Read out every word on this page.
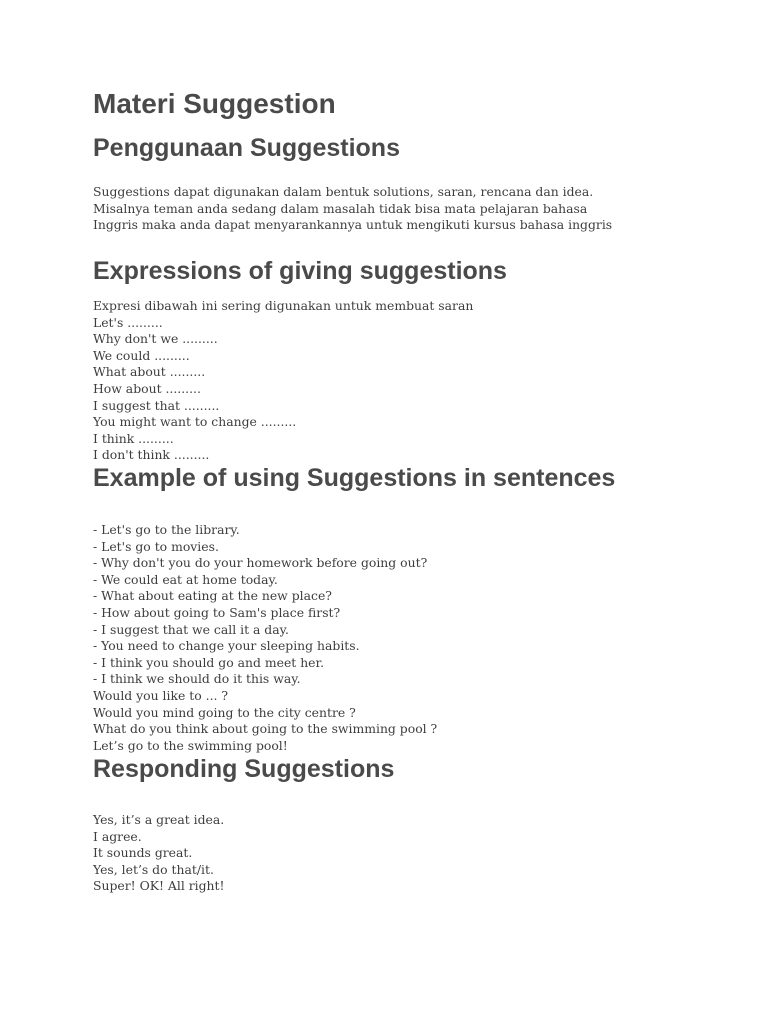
Materi Suggestion
Penggunaan Suggestions
Suggestions dapat digunakan dalam bentuk solutions, saran, rencana dan idea.
Misalnya teman anda sedang dalam masalah tidak bisa mata pelajaran bahasa
Inggris maka anda dapat menyarankannya untuk mengikuti kursus bahasa inggris
Expressions of giving suggestions
Expresi dibawah ini sering digunakan untuk membuat saran
Let's .........
Why don't we .........
We could .........
What about .........
How about .........
I suggest that .........
You might want to change .........
I think .........
I don't think .........
Example of using Suggestions in sentences
- Let's go to the library.
- Let's go to movies.
- Why don't you do your homework before going out?
- We could eat at home today.
- What about eating at the new place?
- How about going to Sam's place first?
- I suggest that we call it a day.
- You need to change your sleeping habits.
- I think you should go and meet her.
- I think we should do it this way.
Would you like to ... ?
Would you mind going to the city centre ?
What do you think about going to the swimming pool ?
Let’s go to the swimming pool!
Responding Suggestions
Yes, it’s a great idea.
I agree.
It sounds great.
Yes, let’s do that/it.
Super! OK! All right!
